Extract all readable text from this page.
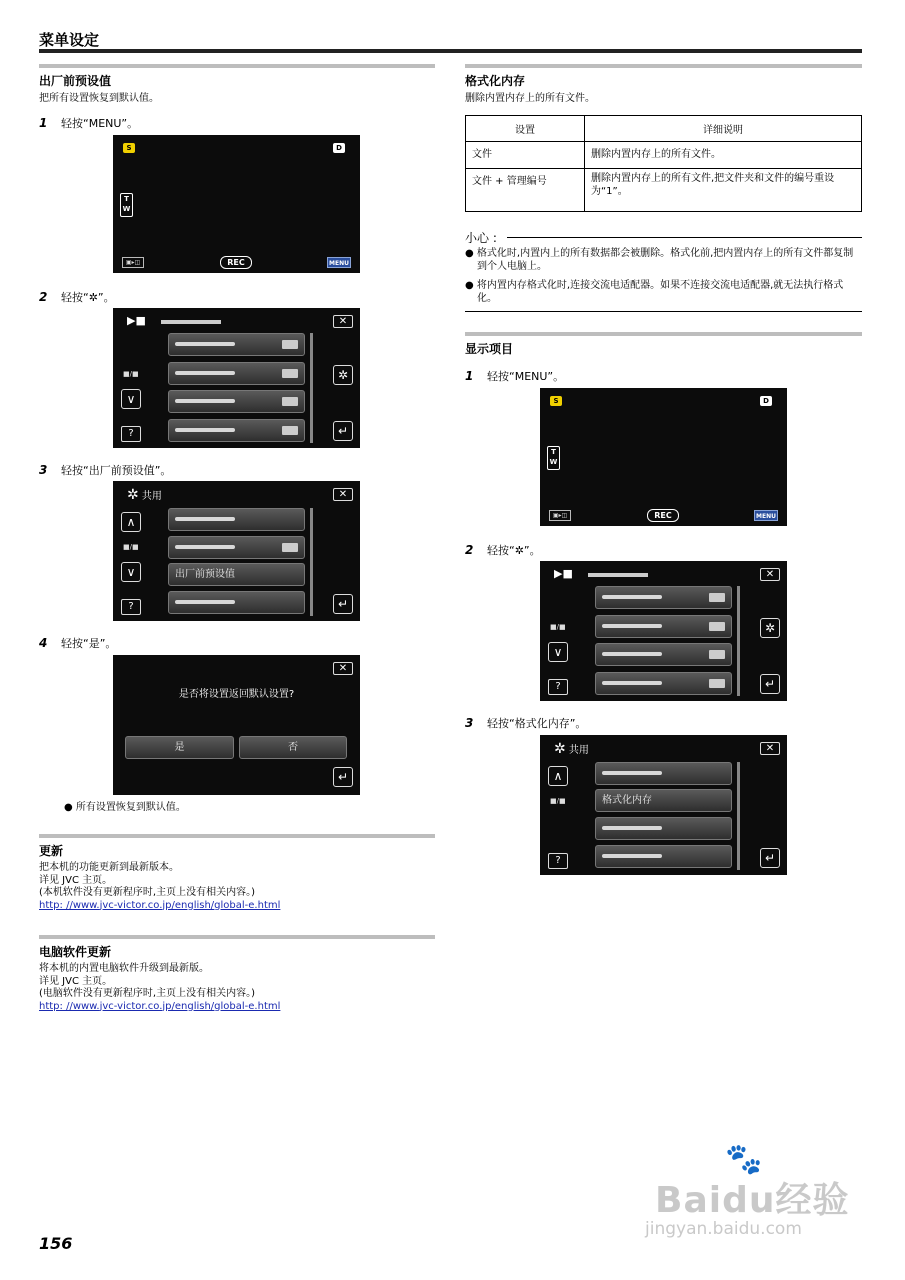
菜单设定
出厂前预设值
把所有设置恢复到默认值。
1 轻按“MENU”。
S	D
T
W
▣▸◫	REC	MENU
2 轻按“✲”。
▶■	✕
■/■
∨
?
✲
↵
3 轻按“出厂前预设值”。
✲ 共用	✕
出厂前预设值
∧
■/■
∨
?	↵
4 轻按“是”。
✕
是否将设置返回默认设置?
是	否
↵
● 所有设置恢复到默认值。
更新
把本机的功能更新到最新版本。
详见 JVC 主页。
(本机软件没有更新程序时,主页上没有相关内容。)
http: //www.jvc-victor.co.jp/english/global-e.html
电脑软件更新
将本机的内置电脑软件升级到最新版。
详见 JVC 主页。
(电脑软件没有更新程序时,主页上没有相关内容。)
http: //www.jvc-victor.co.jp/english/global-e.html
格式化内存
删除内置内存上的所有文件。
设置	详细说明
文件	删除内置内存上的所有文件。
文件 + 管理编号	删除内置内存上的所有文件,把文件夹和文件的编号重设为“1”。
小心 :
● 格式化时,内置内上的所有数据都会被删除。格式化前,把内置内存上的所有文件都复制到个人电脑上。
● 将内置内存格式化时,连接交流电适配器。如果不连接交流电适配器,就无法执行格式化。
显示项目
1 轻按“MENU”。
S	D
T
W
▣▸◫	REC	MENU
2 轻按“✲”。
▶■	✕
■/■
∨
?
✲
↵
3 轻按“格式化内存”。
✲ 共用	✕
格式化内存
∧
■/■
?	↵
156
🐾
Baidu经验
jingyan.baidu.com
